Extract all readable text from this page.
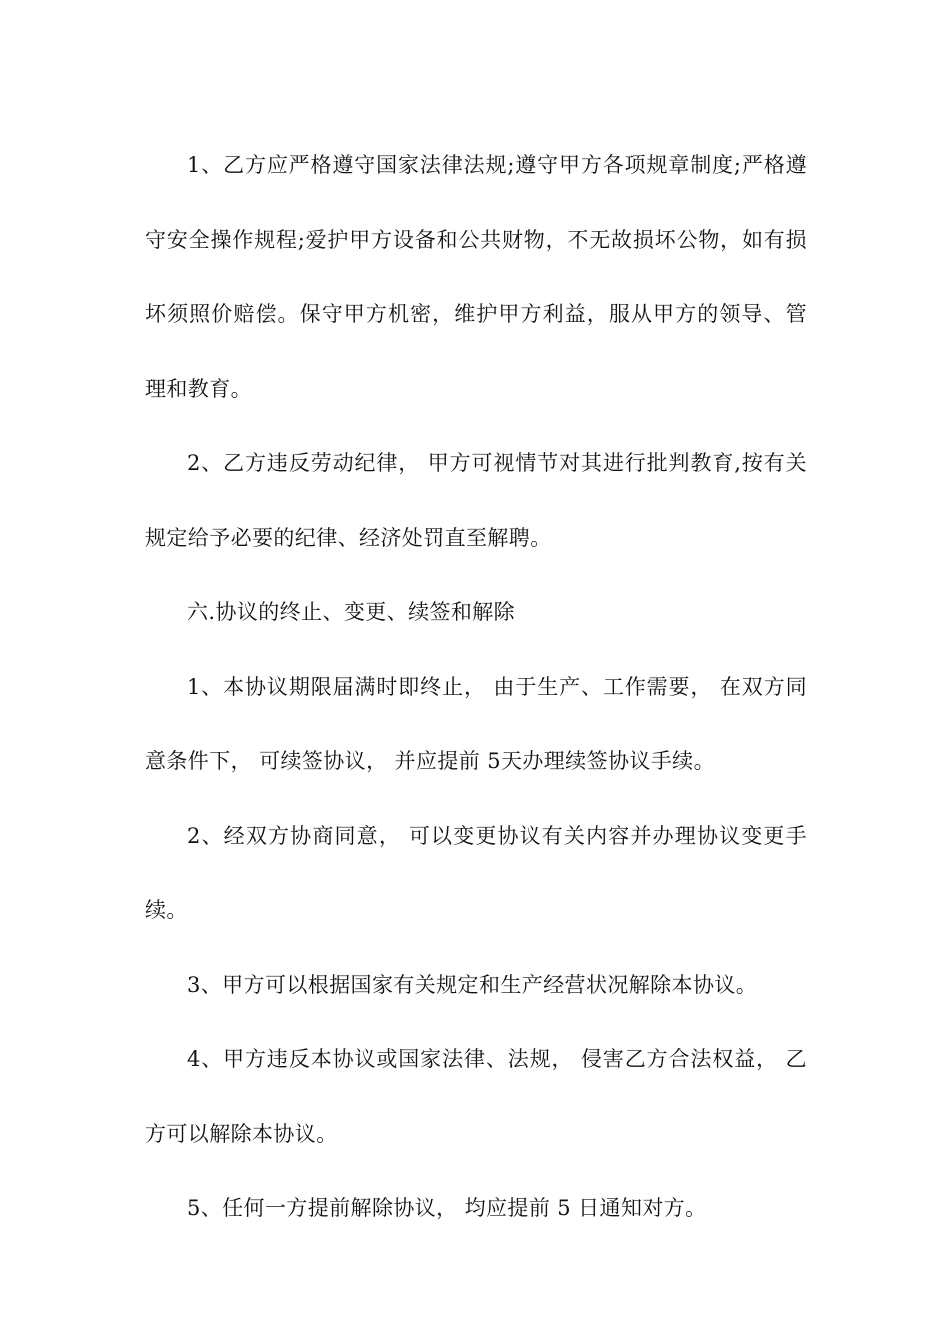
1、乙方应严格遵守国家法律法规;遵守甲方各项规章制度;严格遵守安全操作规程;爱护甲方设备和公共财物，不无故损坏公物，如有损坏须照价赔偿。保守甲方机密，维护甲方利益，服从甲方的领导、管理和教育。

2、乙方违反劳动纪律， 甲方可视情节对其进行批判教育,按有关规定给予必要的纪律、经济处罚直至解聘。

六.协议的终止、变更、续签和解除

1、本协议期限届满时即终止， 由于生产、工作需要， 在双方同意条件下， 可续签协议， 并应提前 5天办理续签协议手续。

2、经双方协商同意， 可以变更协议有关内容并办理协议变更手续。

3、甲方可以根据国家有关规定和生产经营状况解除本协议。

4、甲方违反本协议或国家法律、法规， 侵害乙方合法权益， 乙方可以解除本协议。

5、任何一方提前解除协议， 均应提前 5 日通知对方。
